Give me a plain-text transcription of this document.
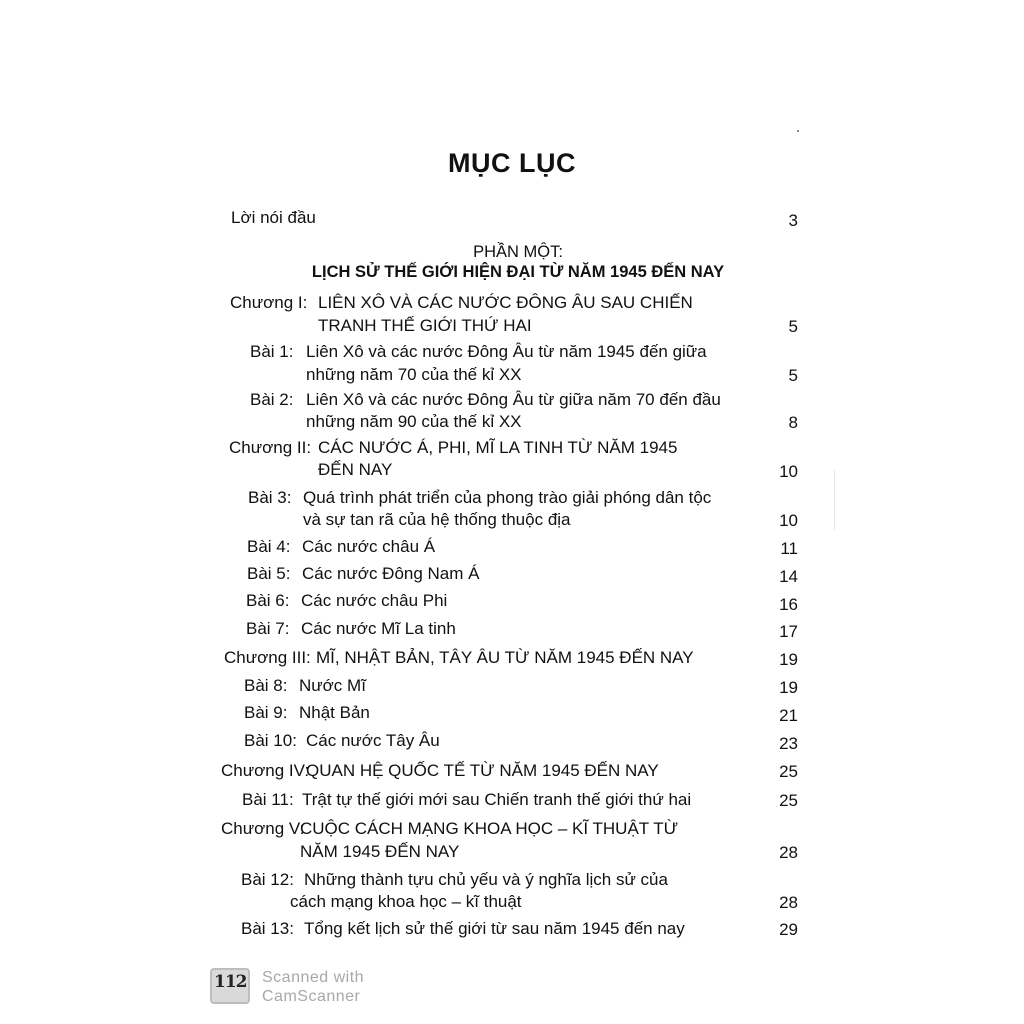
MỤC LỤC
Lời nói đầu	3
PHẦN MỘT:
LỊCH SỬ THẾ GIỚI HIỆN ĐẠI TỪ NĂM 1945 ĐẾN NAY
Chương I: LIÊN XÔ VÀ CÁC NƯỚC ĐÔNG ÂU SAU CHIẾN
TRANH THẾ GIỚI THỨ HAI	5
Bài 1: Liên Xô và các nước Đông Âu từ năm 1945 đến giữa
những năm 70 của thế kỉ XX	5
Bài 2: Liên Xô và các nước Đông Âu từ giữa năm 70 đến đầu
những năm 90 của thế kỉ XX	8
Chương II: CÁC NƯỚC Á, PHI, MĨ LA TINH TỪ NĂM 1945
ĐẾN NAY	10
Bài 3: Quá trình phát triển của phong trào giải phóng dân tộc
và sự tan rã của hệ thống thuộc địa	10
Bài 4: Các nước châu Á	11
Bài 5: Các nước Đông Nam Á	14
Bài 6: Các nước châu Phi	16
Bài 7: Các nước Mĩ La tinh	17
Chương III: MĨ, NHẬT BẢN, TÂY ÂU TỪ NĂM 1945 ĐẾN NAY	19
Bài 8: Nước Mĩ	19
Bài 9: Nhật Bản	21
Bài 10: Các nước Tây Âu	23
Chương IV:
QUAN HỆ QUỐC TẾ TỪ NĂM 1945 ĐẾN NAY	25
Bài 11: Trật tự thế giới mới sau Chiến tranh thế giới thứ hai	25
Chương V:
CUỘC CÁCH MẠNG KHOA HỌC – KĨ THUẬT TỪ
NĂM 1945 ĐẾN NAY	28
Bài 12: Những thành tựu chủ yếu và ý nghĩa lịch sử của
cách mạng khoa học – kĩ thuật	28
Bài 13: Tổng kết lịch sử thế giới từ sau năm 1945 đến nay	29
112 Scanned with
CamScanner
